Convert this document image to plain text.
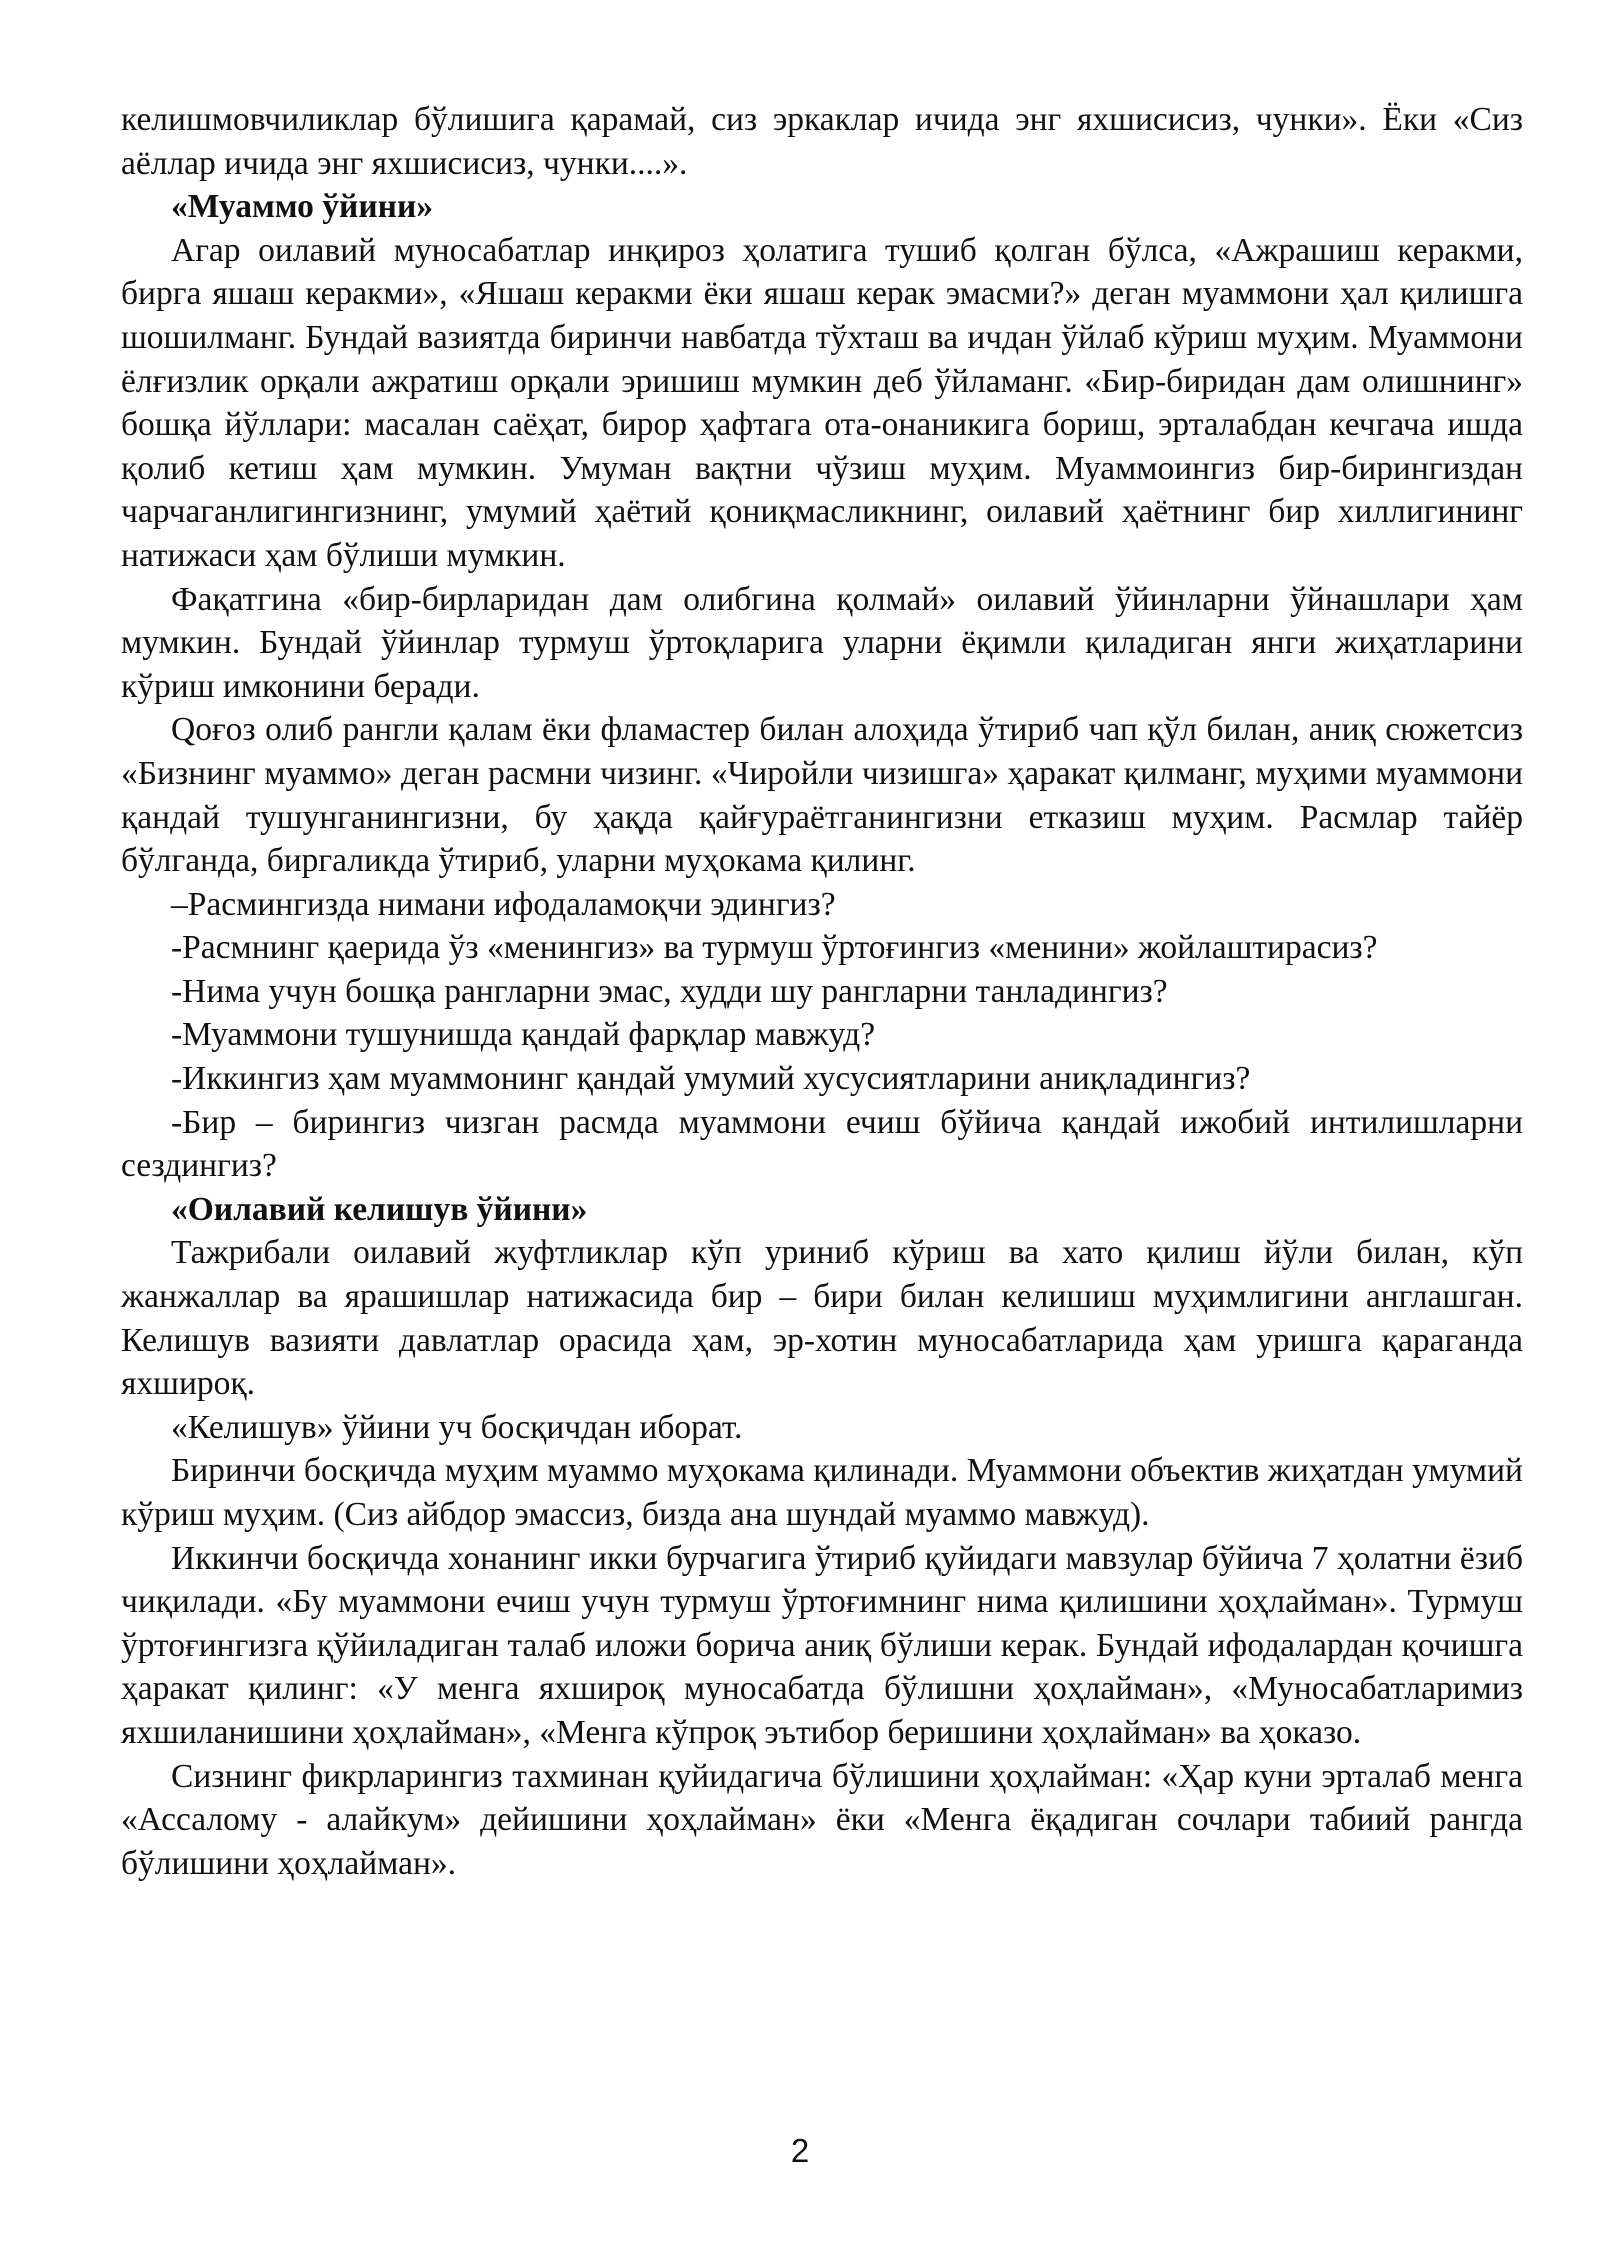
келишмовчиликлар бўлишига қарамай, сиз эркаклар ичида энг яхшисисиз, чунки». Ёки «Сиз аёллар ичида энг яхшисисиз, чунки....».

«Муаммо ўйини»

Агар оилавий муносабатлар инқироз ҳолатига тушиб қолган бўлса, «Ажрашиш керакми, бирга яшаш керакми», «Яшаш керакми ёки яшаш керак эмасми?» деган муаммони ҳал қилишга шошилманг. Бундай вазиятда биринчи навбатда тўхташ ва ичдан ўйлаб кўриш муҳим. Муаммони ёлғизлик орқали ажратиш орқали эришиш мумкин деб ўйламанг. «Бир-биридан дам олишнинг» бошқа йўллари: масалан саёҳат, бирор ҳафтага ота-онаникига бориш, эрталабдан кечгача ишда қолиб кетиш ҳам мумкин. Умуман вақтни чўзиш муҳим. Муаммоингиз бир-бирингиздан чарчаганлигингизнинг, умумий ҳаётий қониқмасликнинг, оилавий ҳаётнинг бир хиллигининг натижаси ҳам бўлиши мумкин.

Фақатгина «бир-бирларидан дам олибгина қолмай» оилавий ўйинларни ўйнашлари ҳам мумкин. Бундай ўйинлар турмуш ўртоқларига уларни ёқимли қиладиган янги жиҳатларини кўриш имконини беради.

Qоғоз олиб рангли қалам ёки фламастер билан алоҳида ўтириб чап қўл билан, аниқ сюжетсиз «Бизнинг муаммо» деган расмни чизинг. «Чиройли чизишга» ҳаракат қилманг, муҳими муаммони қандай тушунганингизни, бу ҳақда қайғураётганингизни етказиш муҳим. Расмлар тайёр бўлганда, биргаликда ўтириб, уларни муҳокама қилинг.

–Расмингизда нимани ифодаламоқчи эдингиз?

-Расмнинг қаерида ўз «менингиз» ва турмуш ўртоғингиз «менини» жойлаштирасиз?

-Нима учун бошқа рангларни эмас, худди шу рангларни танладингиз?

-Муаммони тушунишда қандай фарқлар мавжуд?

-Иккингиз ҳам муаммонинг қандай умумий хусусиятларини аниқладингиз?

-Бир – бирингиз чизган расмда муаммони ечиш бўйича қандай ижобий интилишларни сездингиз?

«Оилавий келишув ўйини»

Тажрибали оилавий жуфтликлар кўп уриниб кўриш ва хато қилиш йўли билан, кўп жанжаллар ва ярашишлар натижасида бир – бири билан келишиш муҳимлигини англашган. Келишув вазияти давлатлар орасида ҳам, эр-хотин муносабатларида ҳам уришга қараганда яхшироқ.

«Келишув» ўйини уч босқичдан иборат.

Биринчи босқичда муҳим муаммо муҳокама қилинади. Муаммони объектив жиҳатдан умумий кўриш муҳим. (Сиз айбдор эмассиз, бизда ана шундай муаммо мавжуд).

Иккинчи босқичда хонанинг икки бурчагига ўтириб қуйидаги мавзулар бўйича 7 ҳолатни ёзиб чиқилади. «Бу муаммони ечиш учун турмуш ўртоғимнинг нима қилишини ҳоҳлайман». Турмуш ўртоғингизга қўйиладиган талаб иложи борича аниқ бўлиши керак. Бундай ифодалардан қочишга ҳаракат қилинг: «У менга яхшироқ муносабатда бўлишни ҳоҳлайман», «Муносабатларимиз яхшиланишини ҳоҳлайман», «Менга кўпроқ эътибор беришини ҳоҳлайман» ва ҳоказо.

Сизнинг фикрларингиз тахминан қуйидагича бўлишини ҳоҳлайман: «Ҳар куни эрталаб менга «Ассалому - алайкум» дейишини ҳоҳлайман» ёки «Менга ёқадиган сочлари табиий рангда бўлишини ҳоҳлайман».

2
